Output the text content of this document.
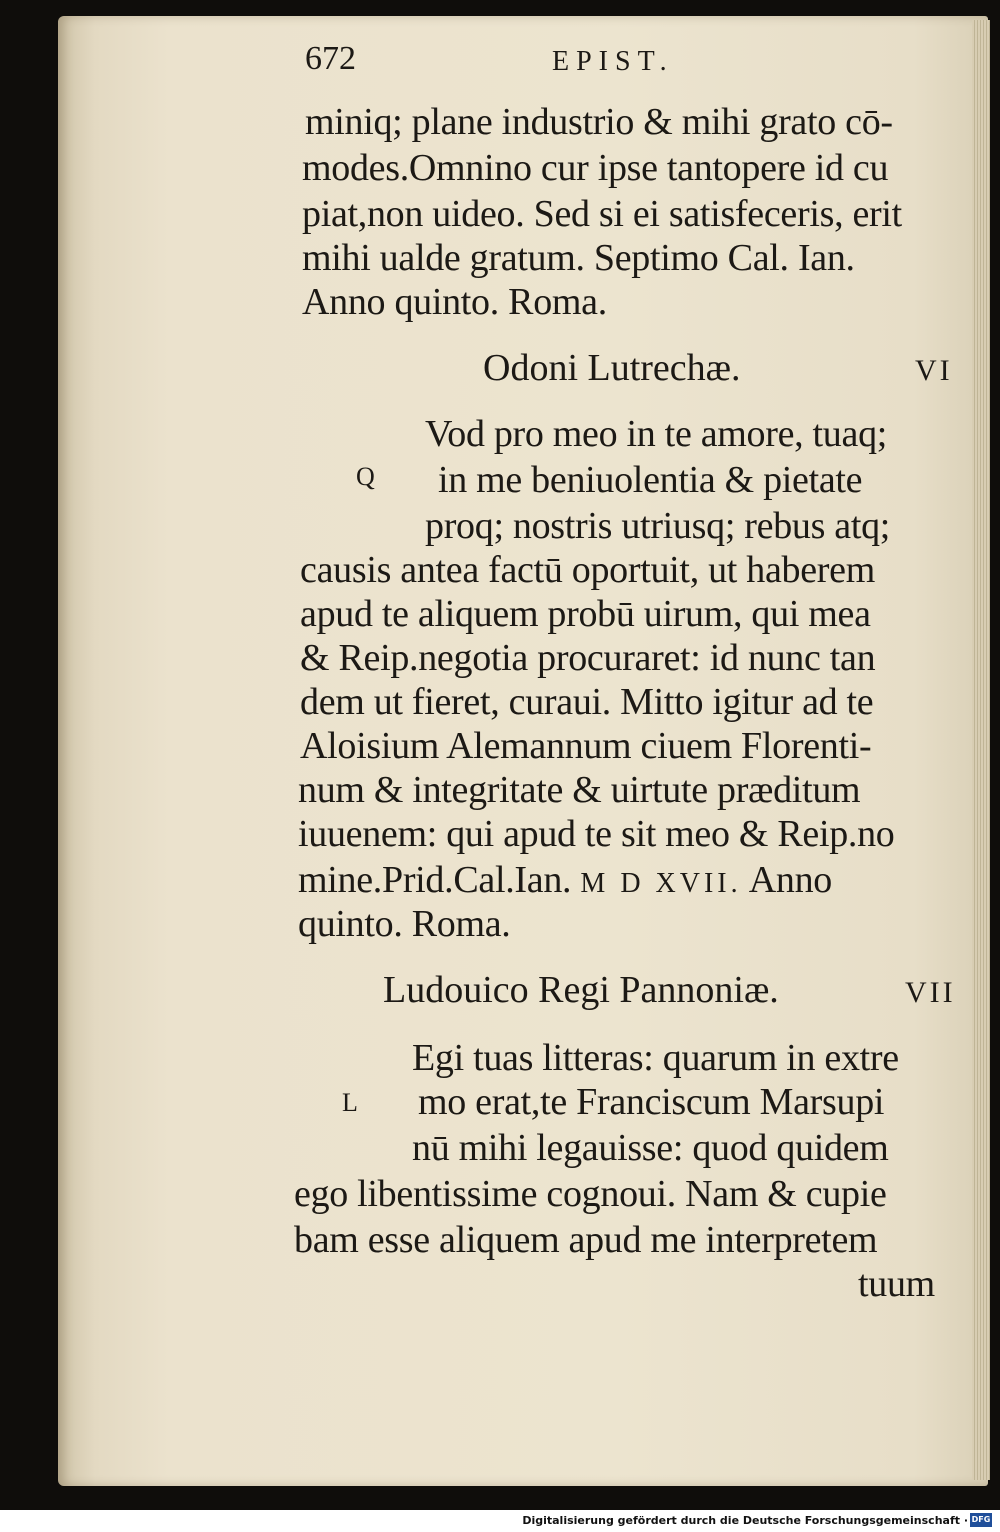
672	EPIST.
miniq; plane industrio & mihi grato cō-
modes.Omnino cur ipse tantopere id cu
piat,non uideo. Sed si ei satisfeceris, erit
mihi ualde gratum. Septimo Cal. Ian.
Anno quinto. Roma.
Odoni Lutrechæ.	VI
Q
Vod pro meo in te amore, tuaq;
in me beniuolentia & pietate
proq; nostris utriusq; rebus atq;
causis antea factū oportuit, ut haberem
apud te aliquem probū uirum, qui mea
& Reip.negotia procuraret: id nunc tan
dem ut fieret, curaui. Mitto igitur ad te
Aloisium Alemannum ciuem Florenti-
num & integritate & uirtute præditum
iuuenem: qui apud te sit meo & Reip.no
mine.Prid.Cal.Ian. M D XVII. Anno
quinto. Roma.
Ludouico Regi Pannoniæ.	VII
L
Egi tuas litteras: quarum in extre
mo erat,te Franciscum Marsupi
nū mihi legauisse: quod quidem
ego libentissime cognoui. Nam & cupie
bam esse aliquem apud me interpretem
tuum
Digitalisierung gefördert durch die Deutsche Forschungsgemeinschaft · DFG
